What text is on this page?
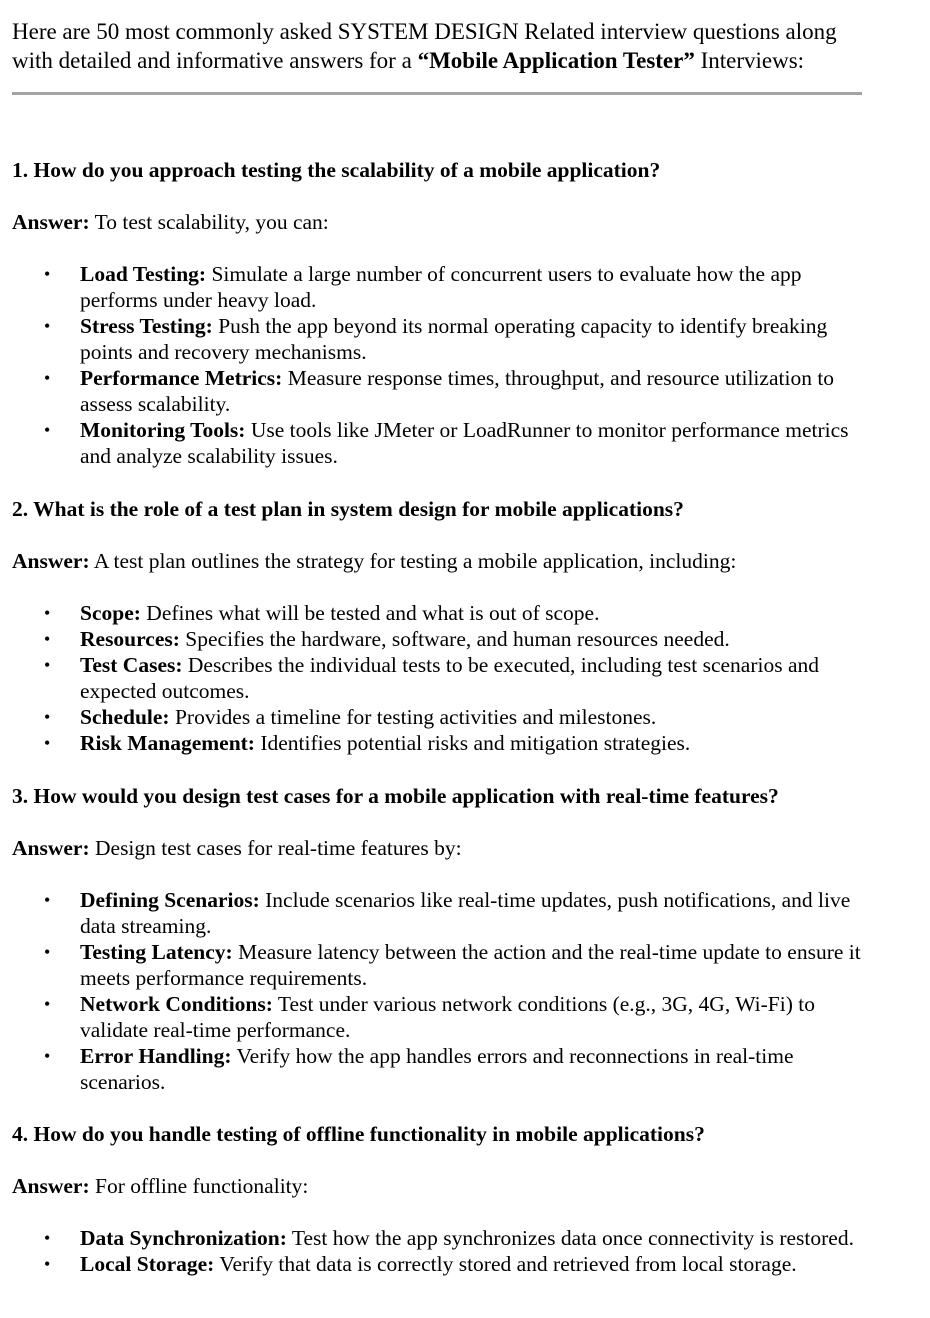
Here are 50 most commonly asked SYSTEM DESIGN Related interview questions along with detailed and informative answers for a “Mobile Application Tester” Interviews:

1. How do you approach testing the scalability of a mobile application?

Answer: To test scalability, you can:

• Load Testing: Simulate a large number of concurrent users to evaluate how the app performs under heavy load.
• Stress Testing: Push the app beyond its normal operating capacity to identify breaking points and recovery mechanisms.
• Performance Metrics: Measure response times, throughput, and resource utilization to assess scalability.
• Monitoring Tools: Use tools like JMeter or LoadRunner to monitor performance metrics and analyze scalability issues.

2. What is the role of a test plan in system design for mobile applications?

Answer: A test plan outlines the strategy for testing a mobile application, including:

• Scope: Defines what will be tested and what is out of scope.
• Resources: Specifies the hardware, software, and human resources needed.
• Test Cases: Describes the individual tests to be executed, including test scenarios and expected outcomes.
• Schedule: Provides a timeline for testing activities and milestones.
• Risk Management: Identifies potential risks and mitigation strategies.

3. How would you design test cases for a mobile application with real-time features?

Answer: Design test cases for real-time features by:

• Defining Scenarios: Include scenarios like real-time updates, push notifications, and live data streaming.
• Testing Latency: Measure latency between the action and the real-time update to ensure it meets performance requirements.
• Network Conditions: Test under various network conditions (e.g., 3G, 4G, Wi-Fi) to validate real-time performance.
• Error Handling: Verify how the app handles errors and reconnections in real-time scenarios.

4. How do you handle testing of offline functionality in mobile applications?

Answer: For offline functionality:

• Data Synchronization: Test how the app synchronizes data once connectivity is restored.
• Local Storage: Verify that data is correctly stored and retrieved from local storage.
